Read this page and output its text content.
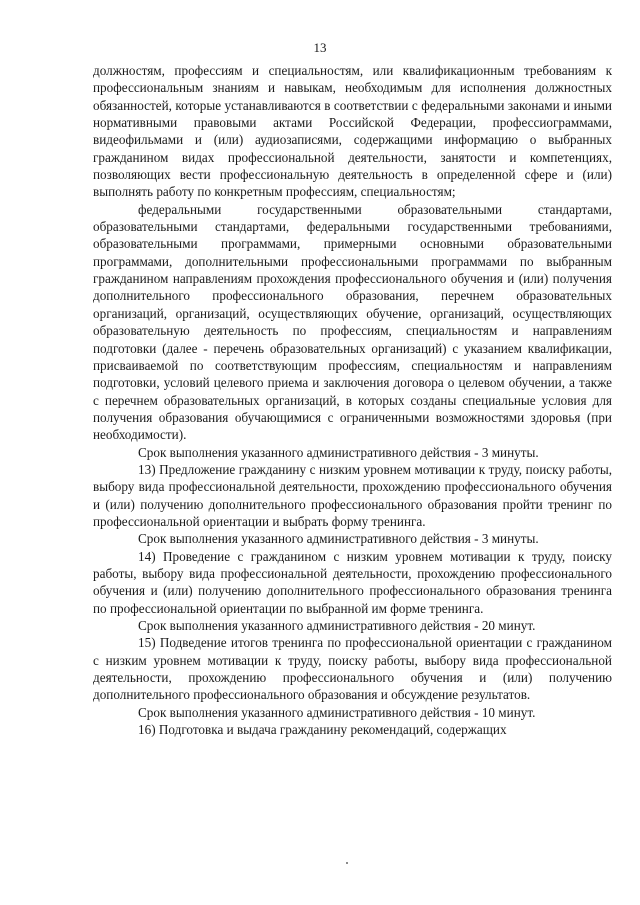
13

должностям, профессиям и специальностям, или квалификационным требованиям к профессиональным знаниям и навыкам, необходимым для исполнения должностных обязанностей, которые устанавливаются в соответствии с федеральными законами и иными нормативными правовыми актами Российской Федерации, профессиограммами, видеофильмами и (или) аудиозаписями, содержащими информацию о выбранных гражданином видах профессиональной деятельности, занятости и компетенциях, позволяющих вести профессиональную деятельность в определенной сфере и (или) выполнять работу по конкретным профессиям, специальностям;

федеральными государственными образовательными стандартами, образовательными стандартами, федеральными государственными требованиями, образовательными программами, примерными основными образовательными программами, дополнительными профессиональными программами по выбранным гражданином направлениям прохождения профессионального обучения и (или) получения дополнительного профессионального образования, перечнем образовательных организаций, организаций, осуществляющих обучение, организаций, осуществляющих образовательную деятельность по профессиям, специальностям и направлениям подготовки (далее - перечень образовательных организаций) с указанием квалификации, присваиваемой по соответствующим профессиям, специальностям и направлениям подготовки, условий целевого приема и заключения договора о целевом обучении, а также с перечнем образовательных организаций, в которых созданы специальные условия для получения образования обучающимися с ограниченными возможностями здоровья (при необходимости).

Срок выполнения указанного административного действия - 3 минуты.

13) Предложение гражданину с низким уровнем мотивации к труду, поиску работы, выбору вида профессиональной деятельности, прохождению профессионального обучения и (или) получению дополнительного профессионального образования пройти тренинг по профессиональной ориентации и выбрать форму тренинга.

Срок выполнения указанного административного действия - 3 минуты.

14) Проведение с гражданином с низким уровнем мотивации к труду, поиску работы, выбору вида профессиональной деятельности, прохождению профессионального обучения и (или) получению дополнительного профессионального образования тренинга по профессиональной ориентации по выбранной им форме тренинга.

Срок выполнения указанного административного действия - 20 минут.

15) Подведение итогов тренинга по профессиональной ориентации с гражданином с низким уровнем мотивации к труду, поиску работы, выбору вида профессиональной деятельности, прохождению профессионального обучения и (или) получению дополнительного профессионального образования и обсуждение результатов.

Срок выполнения указанного административного действия - 10 минут.

16) Подготовка и выдача гражданину рекомендаций, содержащих
